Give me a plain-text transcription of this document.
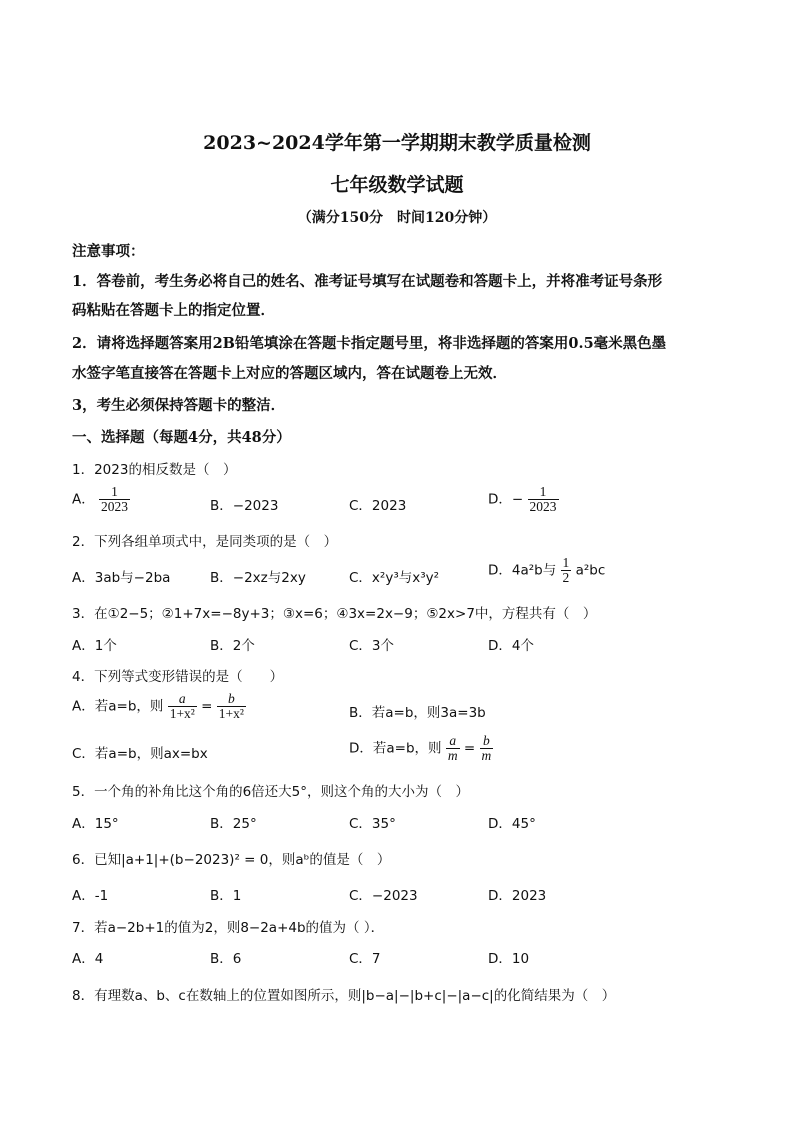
2023~2024学年第一学期期末教学质量检测
七年级数学试题
（满分150分　时间120分钟）
注意事项：
1．答卷前，考生务必将自己的姓名、准考证号填写在试题卷和答题卡上，并将准考证号条形
码粘贴在答题卡上的指定位置．
2．请将选择题答案用2B铅笔填涂在答题卡指定题号里，将非选择题的答案用0.5毫米黑色墨
水签字笔直接答在答题卡上对应的答题区域内，答在试题卷上无效．
3，考生必须保持答题卡的整洁．
一、选择题（每题4分，共48分）
1．2023的相反数是（　）
A． $\frac{1}{2023}$	B．−2023	C．2023	D．− $\frac{1}{2023}$
2．下列各组单项式中，是同类项的是（　）
A．3ab与−2ba	B．−2xz与2xy	C．x²y³与x³y²	D．4a²b与 $\frac{1}{2} a^2bc$
3．在①2−5；②1+7x=−8y+3；③x=6；④3x=2x−9；⑤2x>7中，方程共有（　）
A．1个	B．2个	C．3个	D．4个
4．下列等式变形错误的是（　　）
A．若a=b，则 $\frac{a}{\text{1+x²}} = \frac{b}{\text{1+x²}}$	B．若a=b，则3a=3b
C．若a=b，则ax=bx	D．若a=b，则 $\frac{a}{m} = \frac{b}{m}$
5．一个角的补角比这个角的6倍还大5°，则这个角的大小为（　）
A．15°	B．25°	C．35°	D．45°
6．已知|a+1|+(b−2023)² = 0，则aᵇ的值是（　）
A．-1	B．1	C．−2023	D．2023
7．若a−2b+1的值为2，则8−2a+4b的值为（ ）．
A．4	B．6	C．7	D．10
8．有理数a、b、c在数轴上的位置如图所示，则|b−a|−|b+c|−|a−c|的化简结果为（　）
